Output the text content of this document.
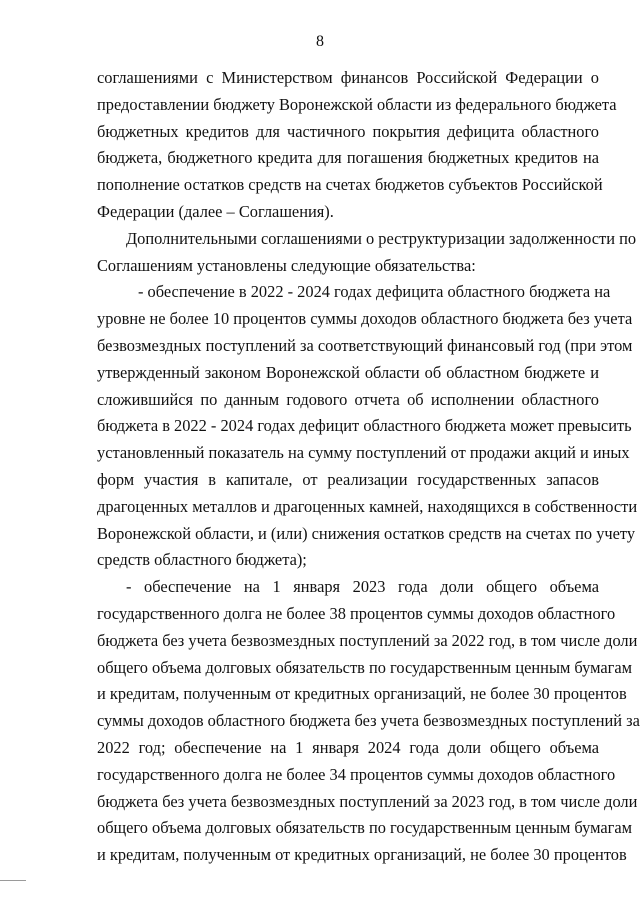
8
соглашениями с Министерством финансов Российской Федерации о
предоставлении бюджету Воронежской области из федерального бюджета
бюджетных кредитов для частичного покрытия дефицита областного
бюджета, бюджетного кредита для погашения бюджетных кредитов на
пополнение остатков средств на счетах бюджетов субъектов Российской
Федерации (далее – Соглашения).
Дополнительными соглашениями о реструктуризации задолженности по
Соглашениям установлены следующие обязательства:
- обеспечение в 2022 - 2024 годах дефицита областного бюджета на
уровне не более 10 процентов суммы доходов областного бюджета без учета
безвозмездных поступлений за соответствующий финансовый год (при этом
утвержденный законом Воронежской области об областном бюджете и
сложившийся по данным годового отчета об исполнении областного
бюджета в 2022 - 2024 годах дефицит областного бюджета может превысить
установленный показатель на сумму поступлений от продажи акций и иных
форм участия в капитале, от реализации государственных запасов
драгоценных металлов и драгоценных камней, находящихся в собственности
Воронежской области, и (или) снижения остатков средств на счетах по учету
средств областного бюджета);
- обеспечение на 1 января 2023 года доли общего объема
государственного долга не более 38 процентов суммы доходов областного
бюджета без учета безвозмездных поступлений за 2022 год, в том числе доли
общего объема долговых обязательств по государственным ценным бумагам
и кредитам, полученным от кредитных организаций, не более 30 процентов
суммы доходов областного бюджета без учета безвозмездных поступлений за
2022 год; обеспечение на 1 января 2024 года доли общего объема
государственного долга не более 34 процентов суммы доходов областного
бюджета без учета безвозмездных поступлений за 2023 год, в том числе доли
общего объема долговых обязательств по государственным ценным бумагам
и кредитам, полученным от кредитных организаций, не более 30 процентов
